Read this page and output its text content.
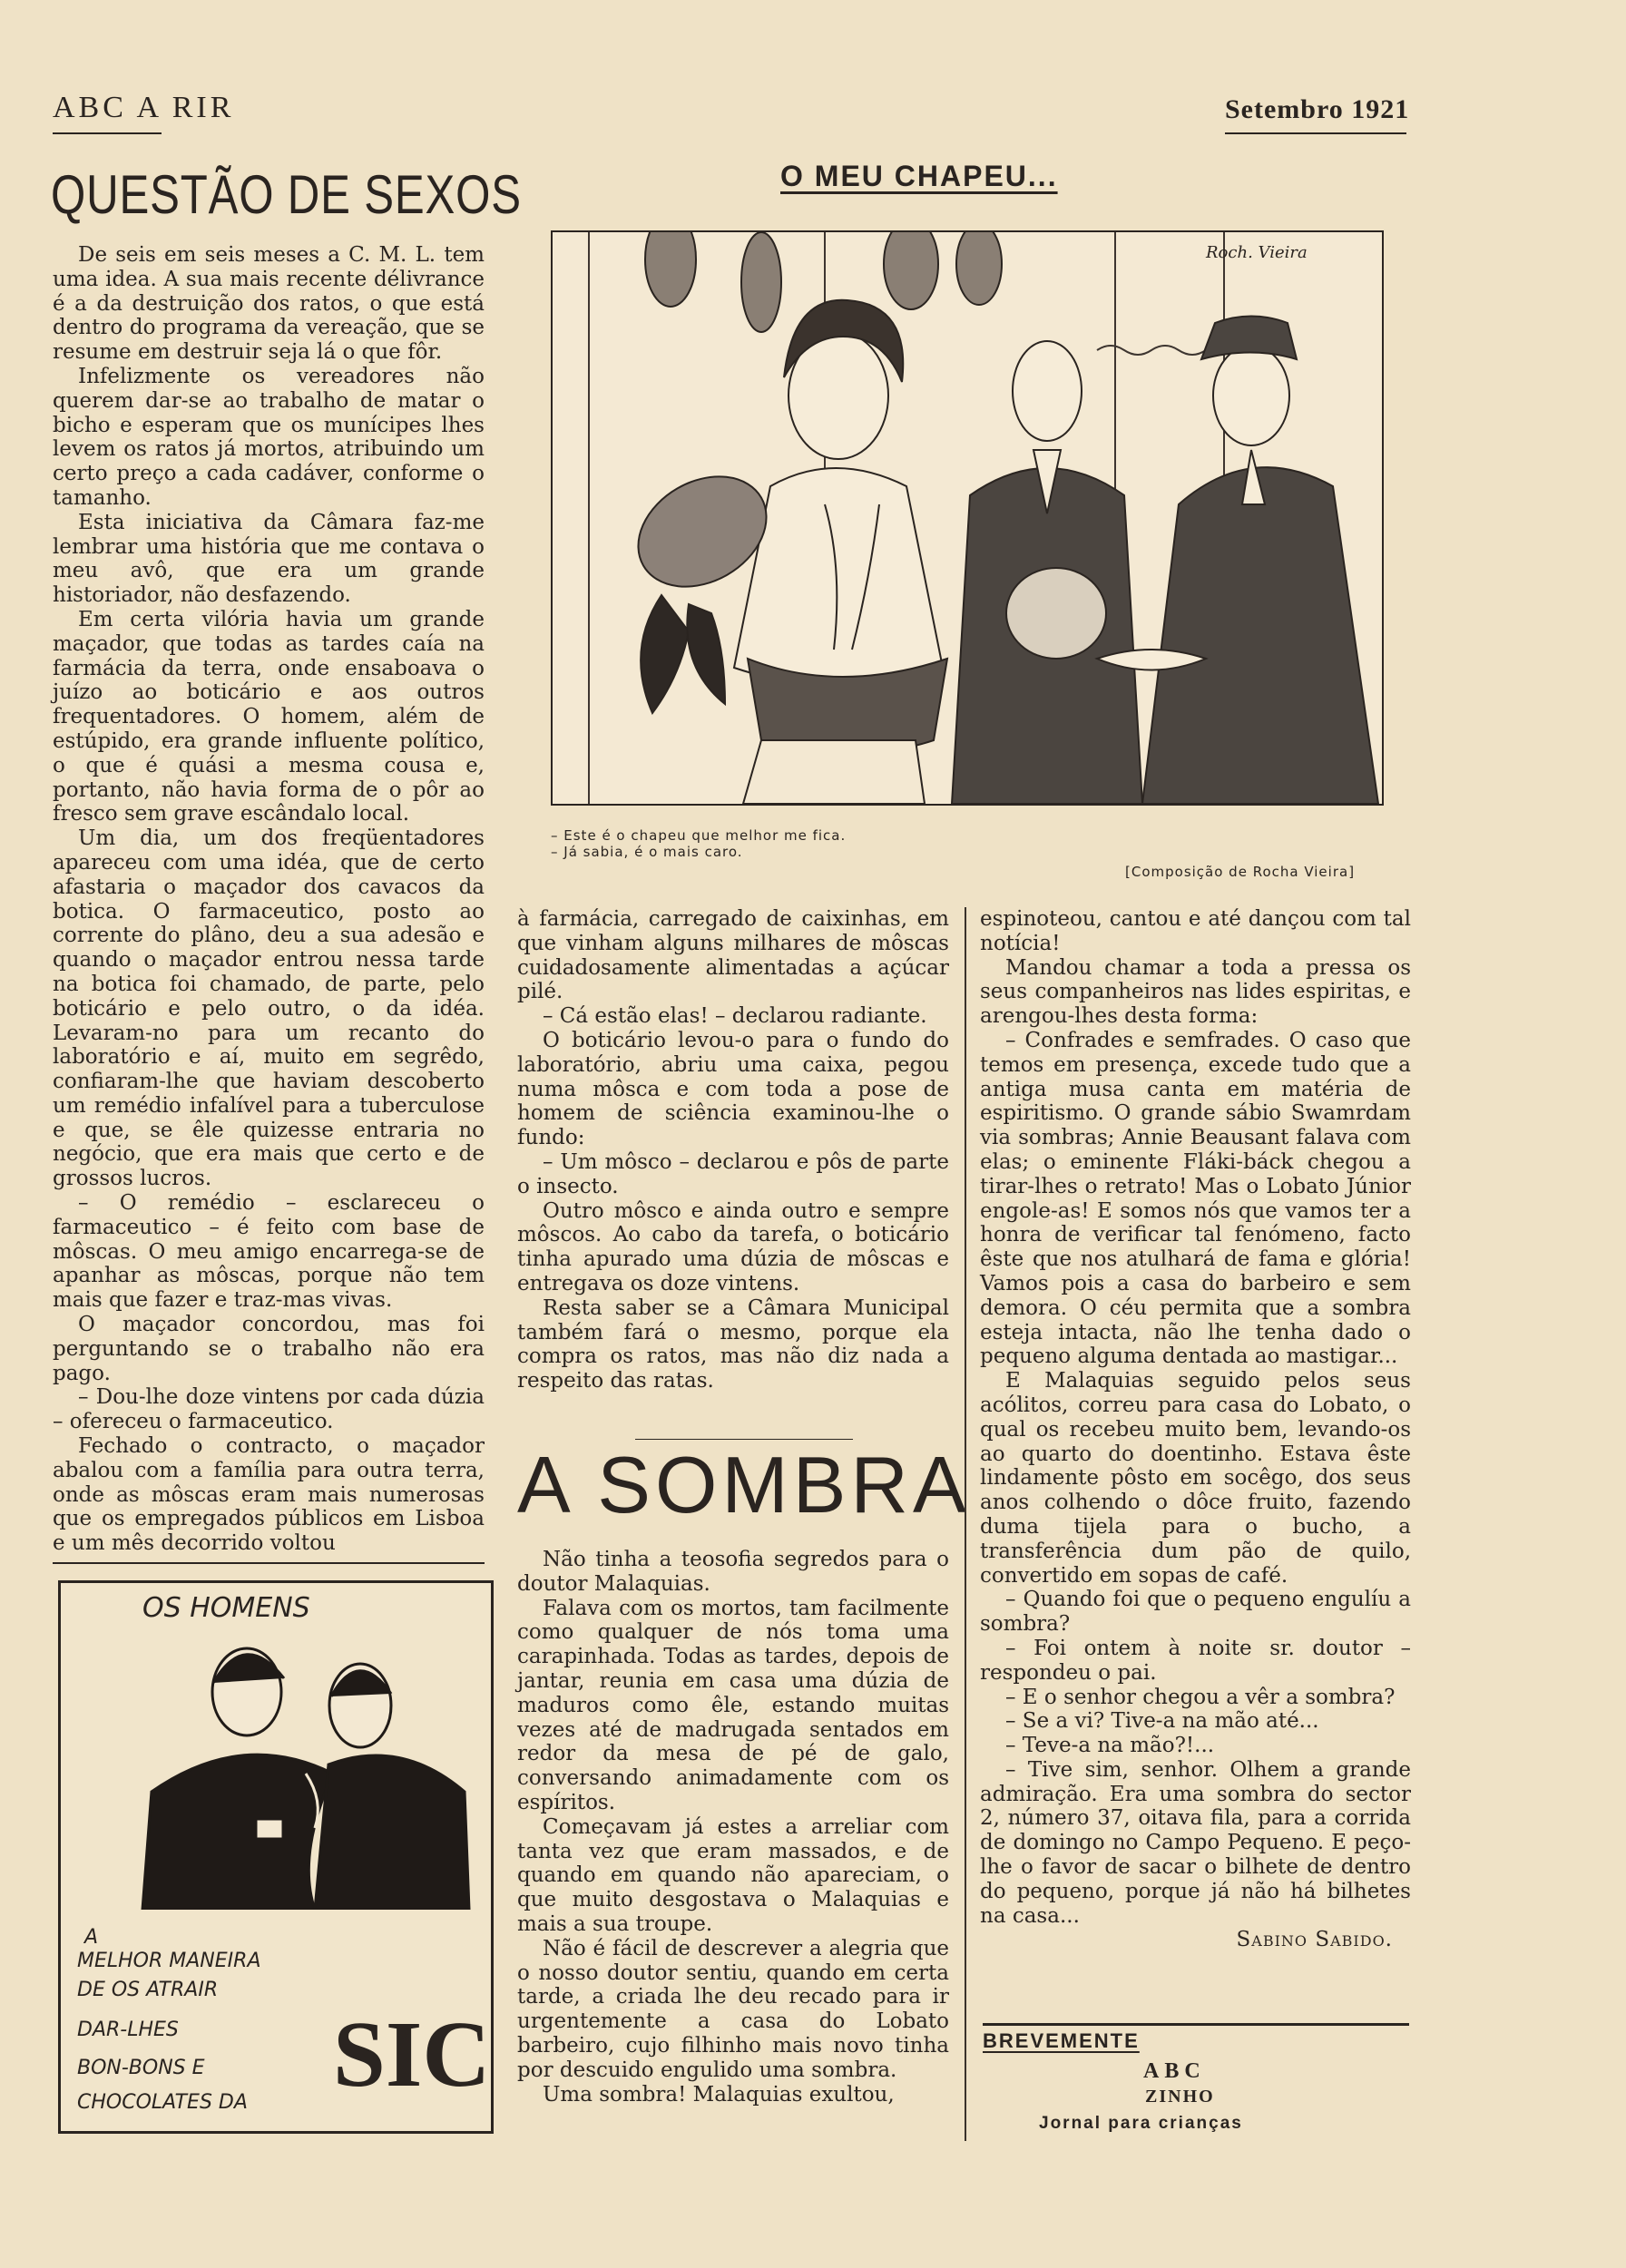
ABC A RIR	Setembro 1921
QUESTÃO DE SEXOS

De seis em seis meses a C. M. L. tem uma idea. A sua mais recente délivrance é a da destruição dos ratos, o que está dentro do programa da vereação, que se resume em destruir seja lá o que fôr.

Infelizmente os vereadores não querem dar-se ao trabalho de matar o bicho e esperam que os munícipes lhes levem os ratos já mortos, atribuindo um certo preço a cada cadáver, conforme o tamanho.

Esta iniciativa da Câmara faz-me lembrar uma história que me contava o meu avô, que era um grande historiador, não desfazendo.

Em certa vilória havia um grande maçador, que todas as tardes caía na farmácia da terra, onde ensaboava o juízo ao boticário e aos outros frequentadores. O homem, além de estúpido, era grande influente político, o que é quási a mesma cousa e, portanto, não havia forma de o pôr ao fresco sem grave escândalo local.

Um dia, um dos freqüentadores apareceu com uma idéa, que de certo afastaria o maçador dos cavacos da botica. O farmaceutico, posto ao corrente do plâno, deu a sua adesão e quando o maçador entrou nessa tarde na botica foi chamado, de parte, pelo boticário e pelo outro, o da idéa. Levaram-no para um recanto do laboratório e aí, muito em segrêdo, confiaram-lhe que haviam descoberto um remédio infalível para a tuberculose e que, se êle quizesse entraria no negócio, que era mais que certo e de grossos lucros.

– O remédio – esclareceu o farmaceutico – é feito com base de môscas. O meu amigo encarrega-se de apanhar as môscas, porque não tem mais que fazer e traz-mas vivas.

O maçador concordou, mas foi perguntando se o trabalho não era pago.

– Dou-lhe doze vintens por cada dúzia – ofereceu o farmaceutico.

Fechado o contracto, o maçador abalou com a família para outra terra, onde as môscas eram mais numerosas que os empregados públicos em Lisboa e um mês decorrido voltou

O MEU CHAPEU...
Roch. Vieira
– Este é o chapeu que melhor me fica.
– Já sabia, é o mais caro.
[Composição de Rocha Vieira]

à farmácia, carregado de caixinhas, em que vinham alguns milhares de môscas cuidadosamente alimentadas a açúcar pilé.

– Cá estão elas! – declarou radiante.

O boticário levou-o para o fundo do laboratório, abriu uma caixa, pegou numa môsca e com toda a pose de homem de sciência examinou-lhe o fundo:

– Um môsco – declarou e pôs de parte o insecto.

Outro môsco e ainda outro e sempre môscos. Ao cabo da tarefa, o boticário tinha apurado uma dúzia de môscas e entregava os doze vintens.

Resta saber se a Câmara Municipal também fará o mesmo, porque ela compra os ratos, mas não diz nada a respeito das ratas.

A SOMBRA

Não tinha a teosofia segredos para o doutor Malaquias.

Falava com os mortos, tam facilmente como qualquer de nós toma uma carapinhada. Todas as tardes, depois de jantar, reunia em casa uma dúzia de maduros como êle, estando muitas vezes até de madrugada sentados em redor da mesa de pé de galo, conversando animadamente com os espíritos.

Começavam já estes a arreliar com tanta vez que eram massados, e de quando em quando não apareciam, o que muito desgostava o Malaquias e mais a sua troupe.

Não é fácil de descrever a alegria que o nosso doutor sentiu, quando em certa tarde, a criada lhe deu recado para ir urgentemente a casa do Lobato barbeiro, cujo filhinho mais novo tinha por descuido engulido uma sombra.

Uma sombra! Malaquias exultou,

espinoteou, cantou e até dançou com tal notícia!

Mandou chamar a toda a pressa os seus companheiros nas lides espiritas, e arengou-lhes desta forma:

– Confrades e semfrades. O caso que temos em presença, excede tudo que a antiga musa canta em matéria de espiritismo. O grande sábio Swamrdam via sombras; Annie Beausant falava com elas; o eminente Fláki-báck chegou a tirar-lhes o retrato! Mas o Lobato Júnior engole-as! E somos nós que vamos ter a honra de verificar tal fenómeno, facto êste que nos atulhará de fama e glória! Vamos pois a casa do barbeiro e sem demora. O céu permita que a sombra esteja intacta, não lhe tenha dado o pequeno alguma dentada ao mastigar...

E Malaquias seguido pelos seus acólitos, correu para casa do Lobato, o qual os recebeu muito bem, levando-os ao quarto do doentinho. Estava êste lindamente pôsto em socêgo, dos seus anos colhendo o dôce fruito, fazendo duma tijela para o bucho, a transferência dum pão de quilo, convertido em sopas de café.

– Quando foi que o pequeno engulíu a sombra?

– Foi ontem à noite sr. doutor – respondeu o pai.

– E o senhor chegou a vêr a sombra?

– Se a vi? Tive-a na mão até...

– Teve-a na mão?!...

– Tive sim, senhor. Olhem a grande admiração. Era uma sombra do sector 2, número 37, oitava fila, para a corrida de domingo no Campo Pequeno. E peço-lhe o favor de sacar o bilhete de dentro do pequeno, porque já não há bilhetes na casa...

Sabino Sabido.

BREVEMENTE
ABC
ZINHO
Jornal para crianças
OS HOMENS
A
MELHOR MANEIRA
DE OS ATRAIR
DAR-LHES
BON-BONS E
CHOCOLATES DA SIC
